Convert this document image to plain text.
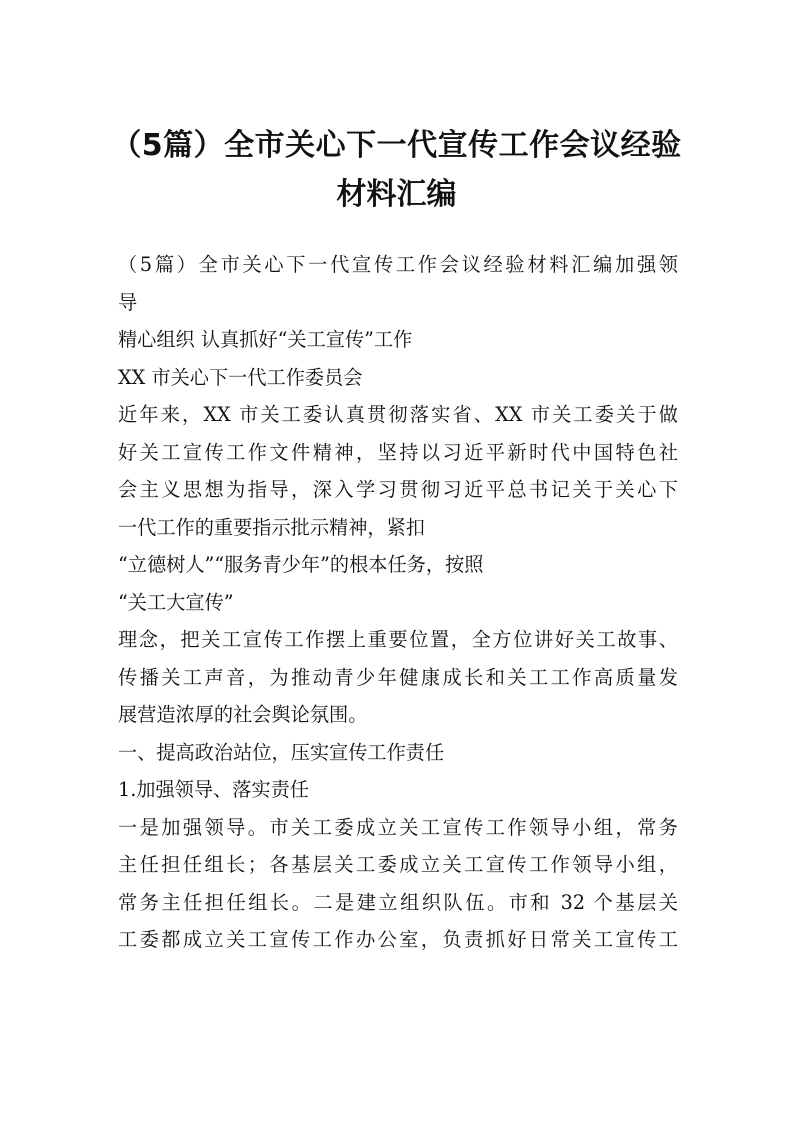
（5篇）全市关心下一代宣传工作会议经验
材料汇编
（5篇）全市关心下一代宣传工作会议经验材料汇编加强领
导
精心组织 认真抓好“关工宣传”工作
XX 市关心下一代工作委员会
近年来，XX 市关工委认真贯彻落实省、XX 市关工委关于做
好关工宣传工作文件精神，坚持以习近平新时代中国特色社
会主义思想为指导，深入学习贯彻习近平总书记关于关心下
一代工作的重要指示批示精神，紧扣
“立德树人”“服务青少年”的根本任务，按照
“关工大宣传”
理念，把关工宣传工作摆上重要位置，全方位讲好关工故事、
传播关工声音，为推动青少年健康成长和关工工作高质量发
展营造浓厚的社会舆论氛围。
一、提高政治站位，压实宣传工作责任
1.加强领导、落实责任
一是加强领导。市关工委成立关工宣传工作领导小组，常务
主任担任组长；各基层关工委成立关工宣传工作领导小组，
常务主任担任组长。二是建立组织队伍。市和 32 个基层关
工委都成立关工宣传工作办公室，负责抓好日常关工宣传工
